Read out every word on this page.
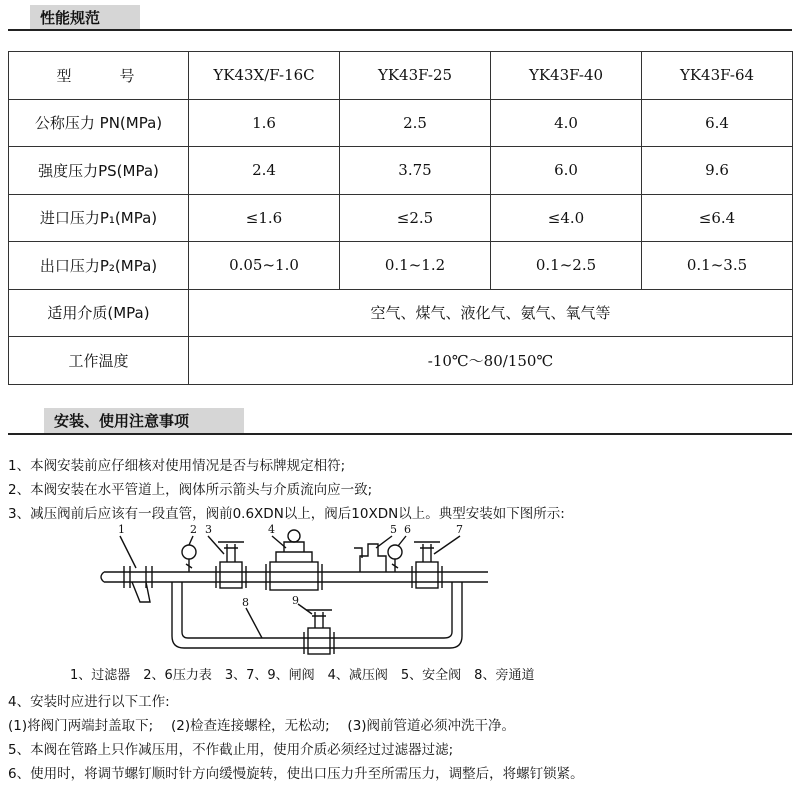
性能规范
型　　号	YK43X/F-16C	YK43F-25	YK43F-40	YK43F-64
公称压力 PN(MPa)	1.6	2.5	4.0	6.4
强度压力PS(MPa)	2.4	3.75	6.0	9.6
进口压力P₁(MPa)	≤1.6	≤2.5	≤4.0	≤6.4
出口压力P₂(MPa)	0.05~1.0	0.1~1.2	0.1~2.5	0.1~3.5
适用介质(MPa)	空气、煤气、液化气、氨气、氧气等			
工作温度	-10℃～80/150℃			
安装、使用注意事项
1、本阀安装前应仔细核对使用情况是否与标牌规定相符;
2、本阀安装在水平管道上，阀体所示箭头与介质流向应一致;
3、减压阀前后应该有一段直管，阀前0.6XDN以上，阀后10XDN以上。典型安装如下图所示:
1	2 3	4	5 6	7
8	9
1、过滤器　2、6压力表　3、7、9、闸阀　4、减压阀　5、安全阀　8、旁通道
4、安装时应进行以下工作:
(1)将阀门两端封盖取下;　 (2)检查连接螺栓，无松动;　 (3)阀前管道必须冲洗干净。
5、本阀在管路上只作减压用，不作截止用，使用介质必须经过过滤器过滤;
6、使用时，将调节螺钉顺时针方向缓慢旋转，使出口压力升至所需压力，调整后，将螺钉锁紧。
